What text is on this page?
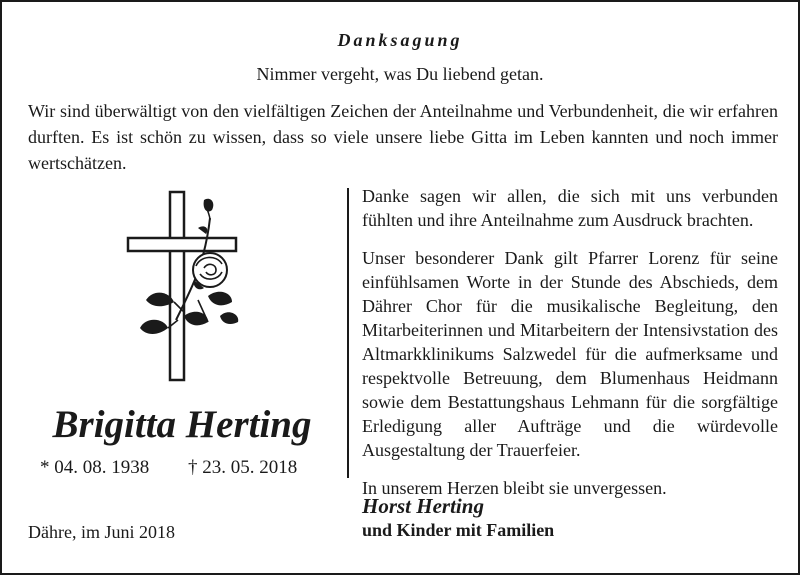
Danksagung
Nimmer vergeht, was Du liebend getan.
Wir sind überwältigt von den vielfältigen Zeichen der Anteilnahme und Verbundenheit, die wir erfahren durften. Es ist schön zu wissen, dass so viele unsere liebe Gitta im Leben kannten und noch immer wertschätzen.
Brigitta Herting
* 04. 08. 1938 † 23. 05. 2018
Dähre, im Juni 2018

Danke sagen wir allen, die sich mit uns verbunden fühlten und ihre Anteilnahme zum Ausdruck brachten.

Unser besonderer Dank gilt Pfarrer Lorenz für seine einfühlsamen Worte in der Stunde des Abschieds, dem Dährer Chor für die musikalische Begleitung, den Mitarbeiterinnen und Mitarbeitern der Intensivstation des Altmarkklinikums Salzwedel für die aufmerksame und respektvolle Betreuung, dem Blumenhaus Heidmann sowie dem Bestattungshaus Lehmann für die sorgfältige Erledigung aller Aufträge und die würdevolle Ausgestaltung der Trauerfeier.

In unserem Herzen bleibt sie unvergessen.

Horst Herting
und Kinder mit Familien
